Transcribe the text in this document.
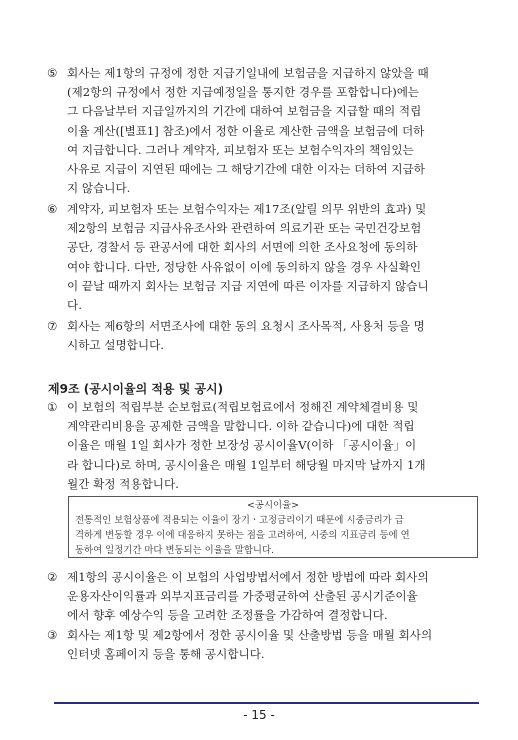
⑤ 회사는 제1항의 규정에 정한 지급기일내에 보험금을 지급하지 않았을 때
(제2항의 규정에서 정한 지급예정일을 통지한 경우를 포함합니다)에는
그 다음날부터 지급일까지의 기간에 대하여 보험금을 지급할 때의 적립
이율 계산([별표1] 참조)에서 정한 이율로 계산한 금액을 보험금에 더하
여 지급합니다. 그러나 계약자, 피보험자 또는 보험수익자의 책임있는
사유로 지급이 지연된 때에는 그 해당기간에 대한 이자는 더하여 지급하
지 않습니다.
⑥ 계약자, 피보험자 또는 보험수익자는 제17조(알릴 의무 위반의 효과) 및
제2항의 보험금 지급사유조사와 관련하여 의료기관 또는 국민건강보험
공단, 경찰서 등 관공서에 대한 회사의 서면에 의한 조사요청에 동의하
여야 합니다. 다만, 정당한 사유없이 이에 동의하지 않을 경우 사실확인
이 끝날 때까지 회사는 보험금 지급 지연에 따른 이자를 지급하지 않습니
다.
⑦ 회사는 제6항의 서면조사에 대한 동의 요청시 조사목적, 사용처 등을 명
시하고 설명합니다.
제9조 (공시이율의 적용 및 공시)
① 이 보험의 적립부분 순보험료(적립보험료에서 정해진 계약체결비용 및
계약관리비용을 공제한 금액을 말합니다. 이하 같습니다)에 대한 적립
이율은 매월 1일 회사가 정한 보장성 공시이율Ⅴ(이하 「공시이율」이
라 합니다)로 하며, 공시이율은 매월 1일부터 해당월 마지막 날까지 1개
월간 확정 적용합니다.
<공시이율>
전통적인 보험상품에 적용되는 이율이 장기ㆍ고정금리이기 때문에 시중금리가 급
격하게 변동할 경우 이에 대응하지 못하는 점을 고려하여, 시중의 지표금리 등에 연
동하여 일정기간 마다 변동되는 이율을 말합니다.
② 제1항의 공시이율은 이 보험의 사업방법서에서 정한 방법에 따라 회사의
운용자산이익률과 외부지표금리를 가중평균하여 산출된 공시기준이율
에서 향후 예상수익 등을 고려한 조정률을 가감하여 결정합니다.
③ 회사는 제1항 및 제2항에서 정한 공시이율 및 산출방법 등을 매월 회사의
인터넷 홈페이지 등을 통해 공시합니다.
- 15 -
